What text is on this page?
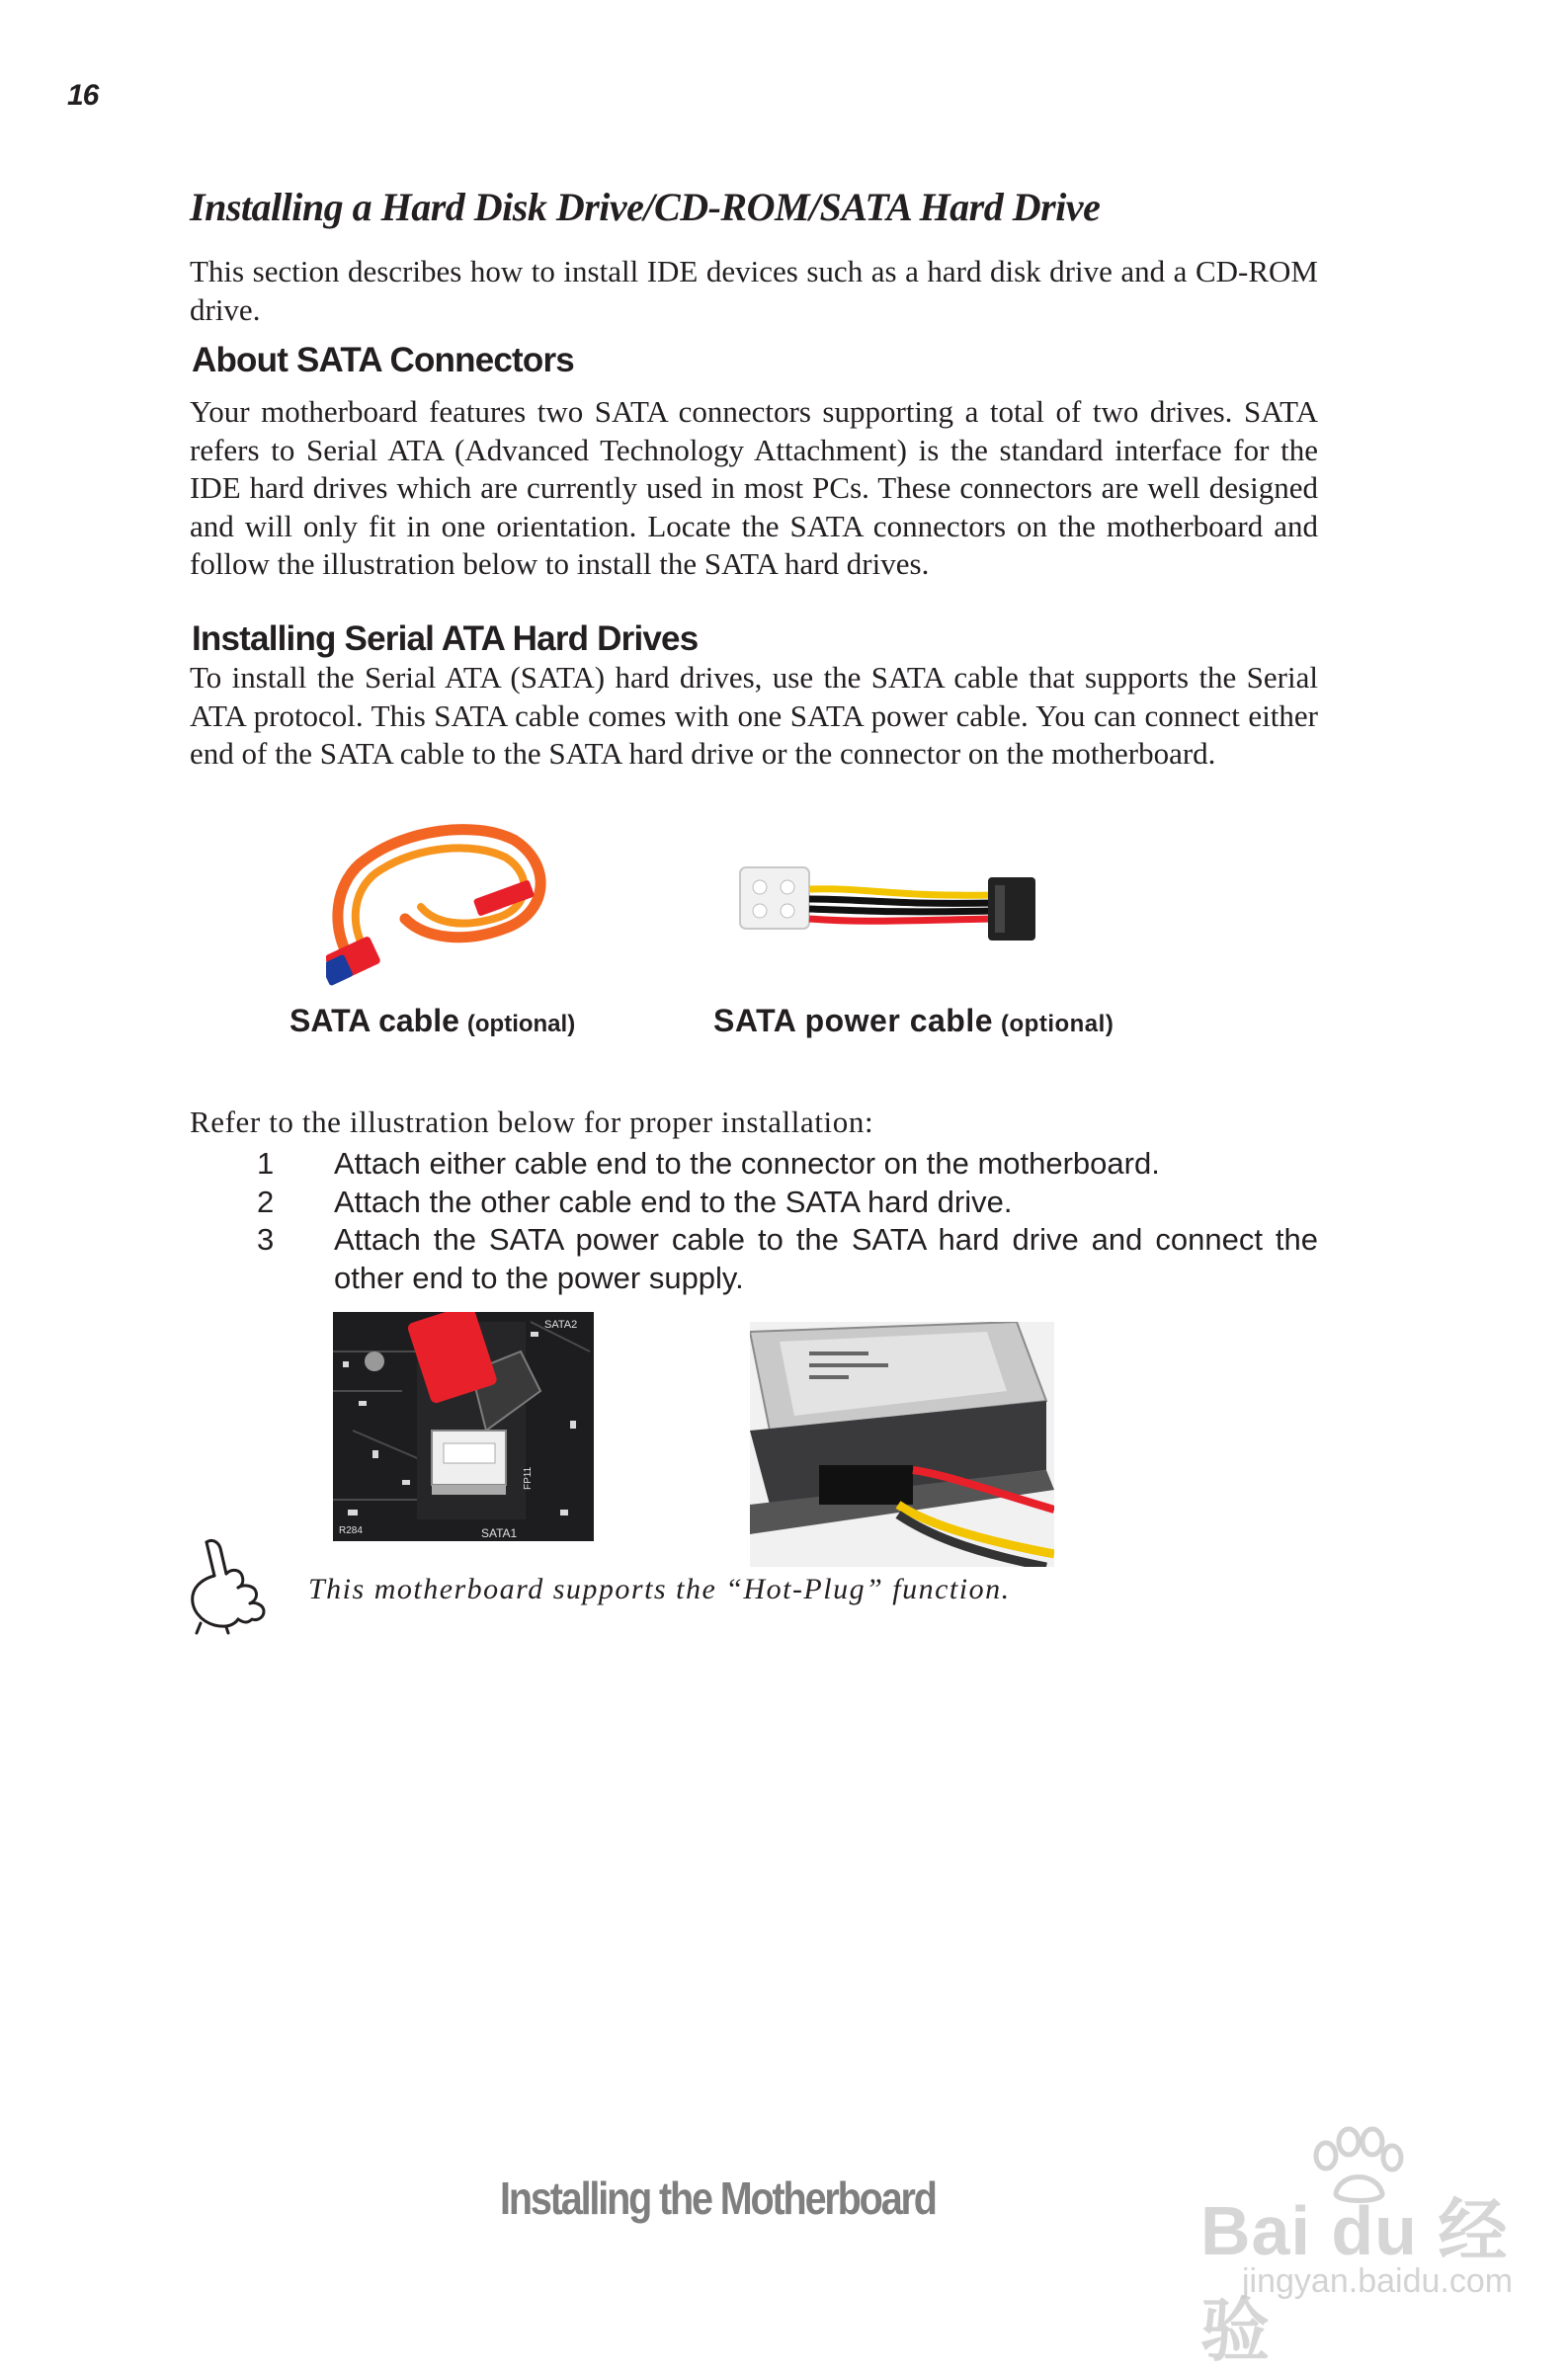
16
Installing a Hard Disk Drive/CD-ROM/SATA Hard Drive
This section describes how to install IDE devices such as a hard disk drive and a CD-ROM drive.
About SATA Connectors
Your motherboard features two SATA connectors supporting a total of two drives. SATA refers to Serial ATA (Advanced Technology Attachment) is the standard interface for the IDE hard drives which are currently used in most PCs. These connectors are well designed and will only fit in one orientation. Locate the SATA connectors on the motherboard and follow the illustration below to install the SATA hard drives.
Installing Serial ATA Hard Drives
To install the Serial ATA (SATA) hard drives, use the SATA cable that supports the Serial ATA protocol. This SATA cable comes with one SATA power cable. You can connect either end of the SATA cable to the SATA hard drive or the connector on the motherboard.
SATA cable (optional)	SATA power cable (optional)
Refer to the illustration below for proper installation:
1 Attach either cable end to the connector on the motherboard.
2 Attach the other cable end to the SATA hard drive.
3 Attach the SATA power cable to the SATA hard drive and connect the other end to the power supply.
SATA2
SATA1
FP11
R284
This motherboard supports the “Hot-Plug” function.
Installing the Motherboard	Bai du 经验
jingyan.baidu.com
